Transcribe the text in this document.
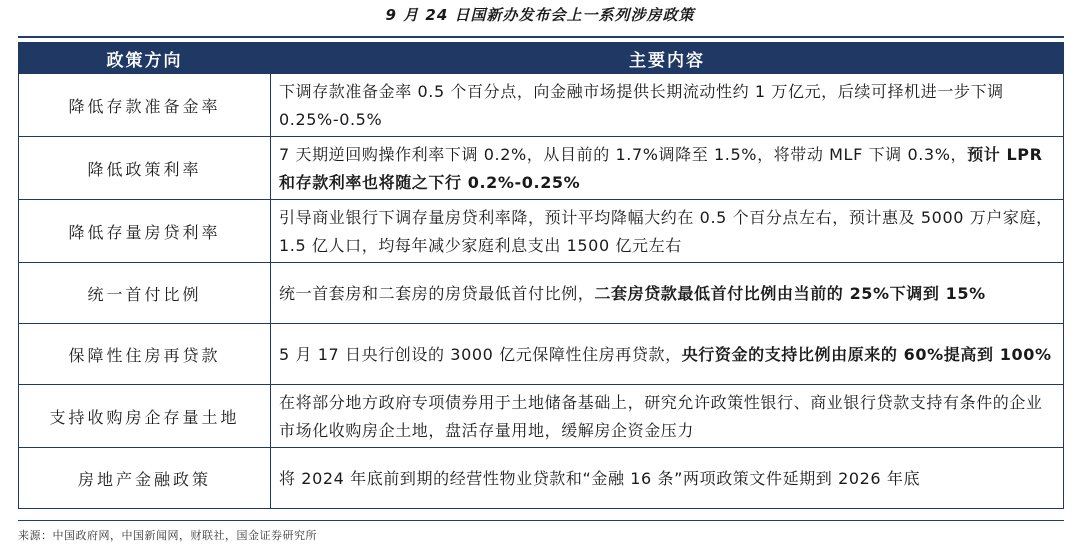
9 月 24 日国新办发布会上一系列涉房政策
政策方向	主要内容
降低存款准备金率	下调存款准备金率 0.5 个百分点，向金融市场提供长期流动性约 1 万亿元，后续可择机进一步下调 0.25%-0.5%
降低政策利率	7 天期逆回购操作利率下调 0.2%，从目前的 1.7%调降至 1.5%，将带动 MLF 下调 0.3%，预计 LPR 和存款利率也将随之下行 0.2%-0.25%
降低存量房贷利率	引导商业银行下调存量房贷利率降，预计平均降幅大约在 0.5 个百分点左右，预计惠及 5000 万户家庭，1.5 亿人口，均每年减少家庭利息支出 1500 亿元左右
统一首付比例	统一首套房和二套房的房贷最低首付比例，二套房贷款最低首付比例由当前的 25%下调到 15%
保障性住房再贷款	5 月 17 日央行创设的 3000 亿元保障性住房再贷款，央行资金的支持比例由原来的 60%提高到 100%
支持收购房企存量土地	在将部分地方政府专项债券用于土地储备基础上，研究允许政策性银行、商业银行贷款支持有条件的企业市场化收购房企土地，盘活存量用地，缓解房企资金压力
房地产金融政策	将 2024 年底前到期的经营性物业贷款和“金融 16 条”两项政策文件延期到 2026 年底
来源：中国政府网，中国新闻网，财联社，国金证券研究所
